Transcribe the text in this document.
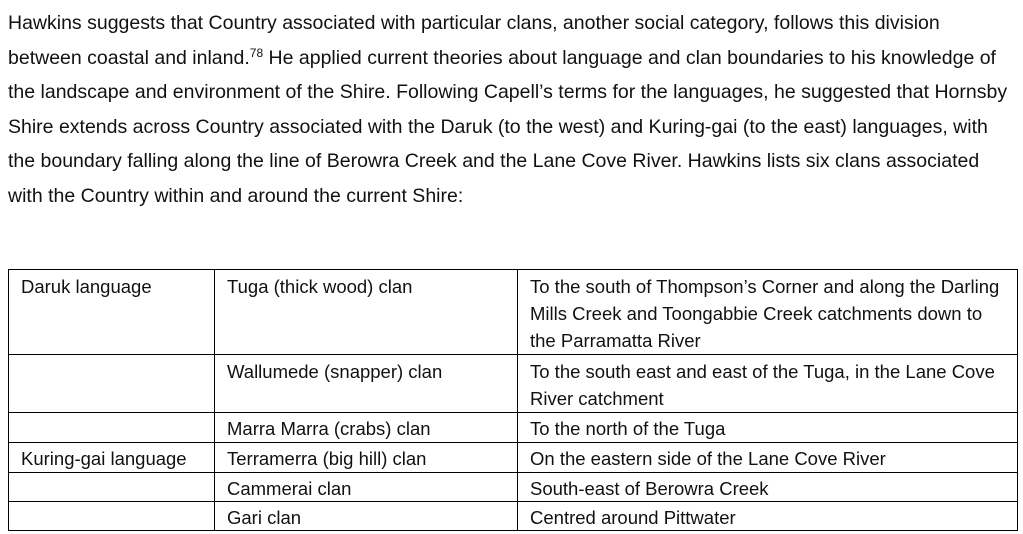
Hawkins suggests that Country associated with particular clans, another social category, follows this division between coastal and inland.$^{78}$ He applied current theories about language and clan boundaries to his knowledge of the landscape and environment of the Shire. Following Capell’s terms for the languages, he suggested that Hornsby Shire extends across Country associated with the Daruk (to the west) and Kuring-gai (to the east) languages, with the boundary falling along the line of Berowra Creek and the Lane Cove River. Hawkins lists six clans associated with the Country within and around the current Shire:

Daruk language	Tuga (thick wood) clan	To the south of Thompson’s Corner and along the Darling Mills Creek and Toongabbie Creek catchments down to the Parramatta River
	Wallumede (snapper) clan	To the south east and east of the Tuga, in the Lane Cove River catchment
	Marra Marra (crabs) clan	To the north of the Tuga
Kuring-gai language	Terramerra (big hill) clan	On the eastern side of the Lane Cove River
	Cammerai clan	South-east of Berowra Creek
	Gari clan	Centred around Pittwater
